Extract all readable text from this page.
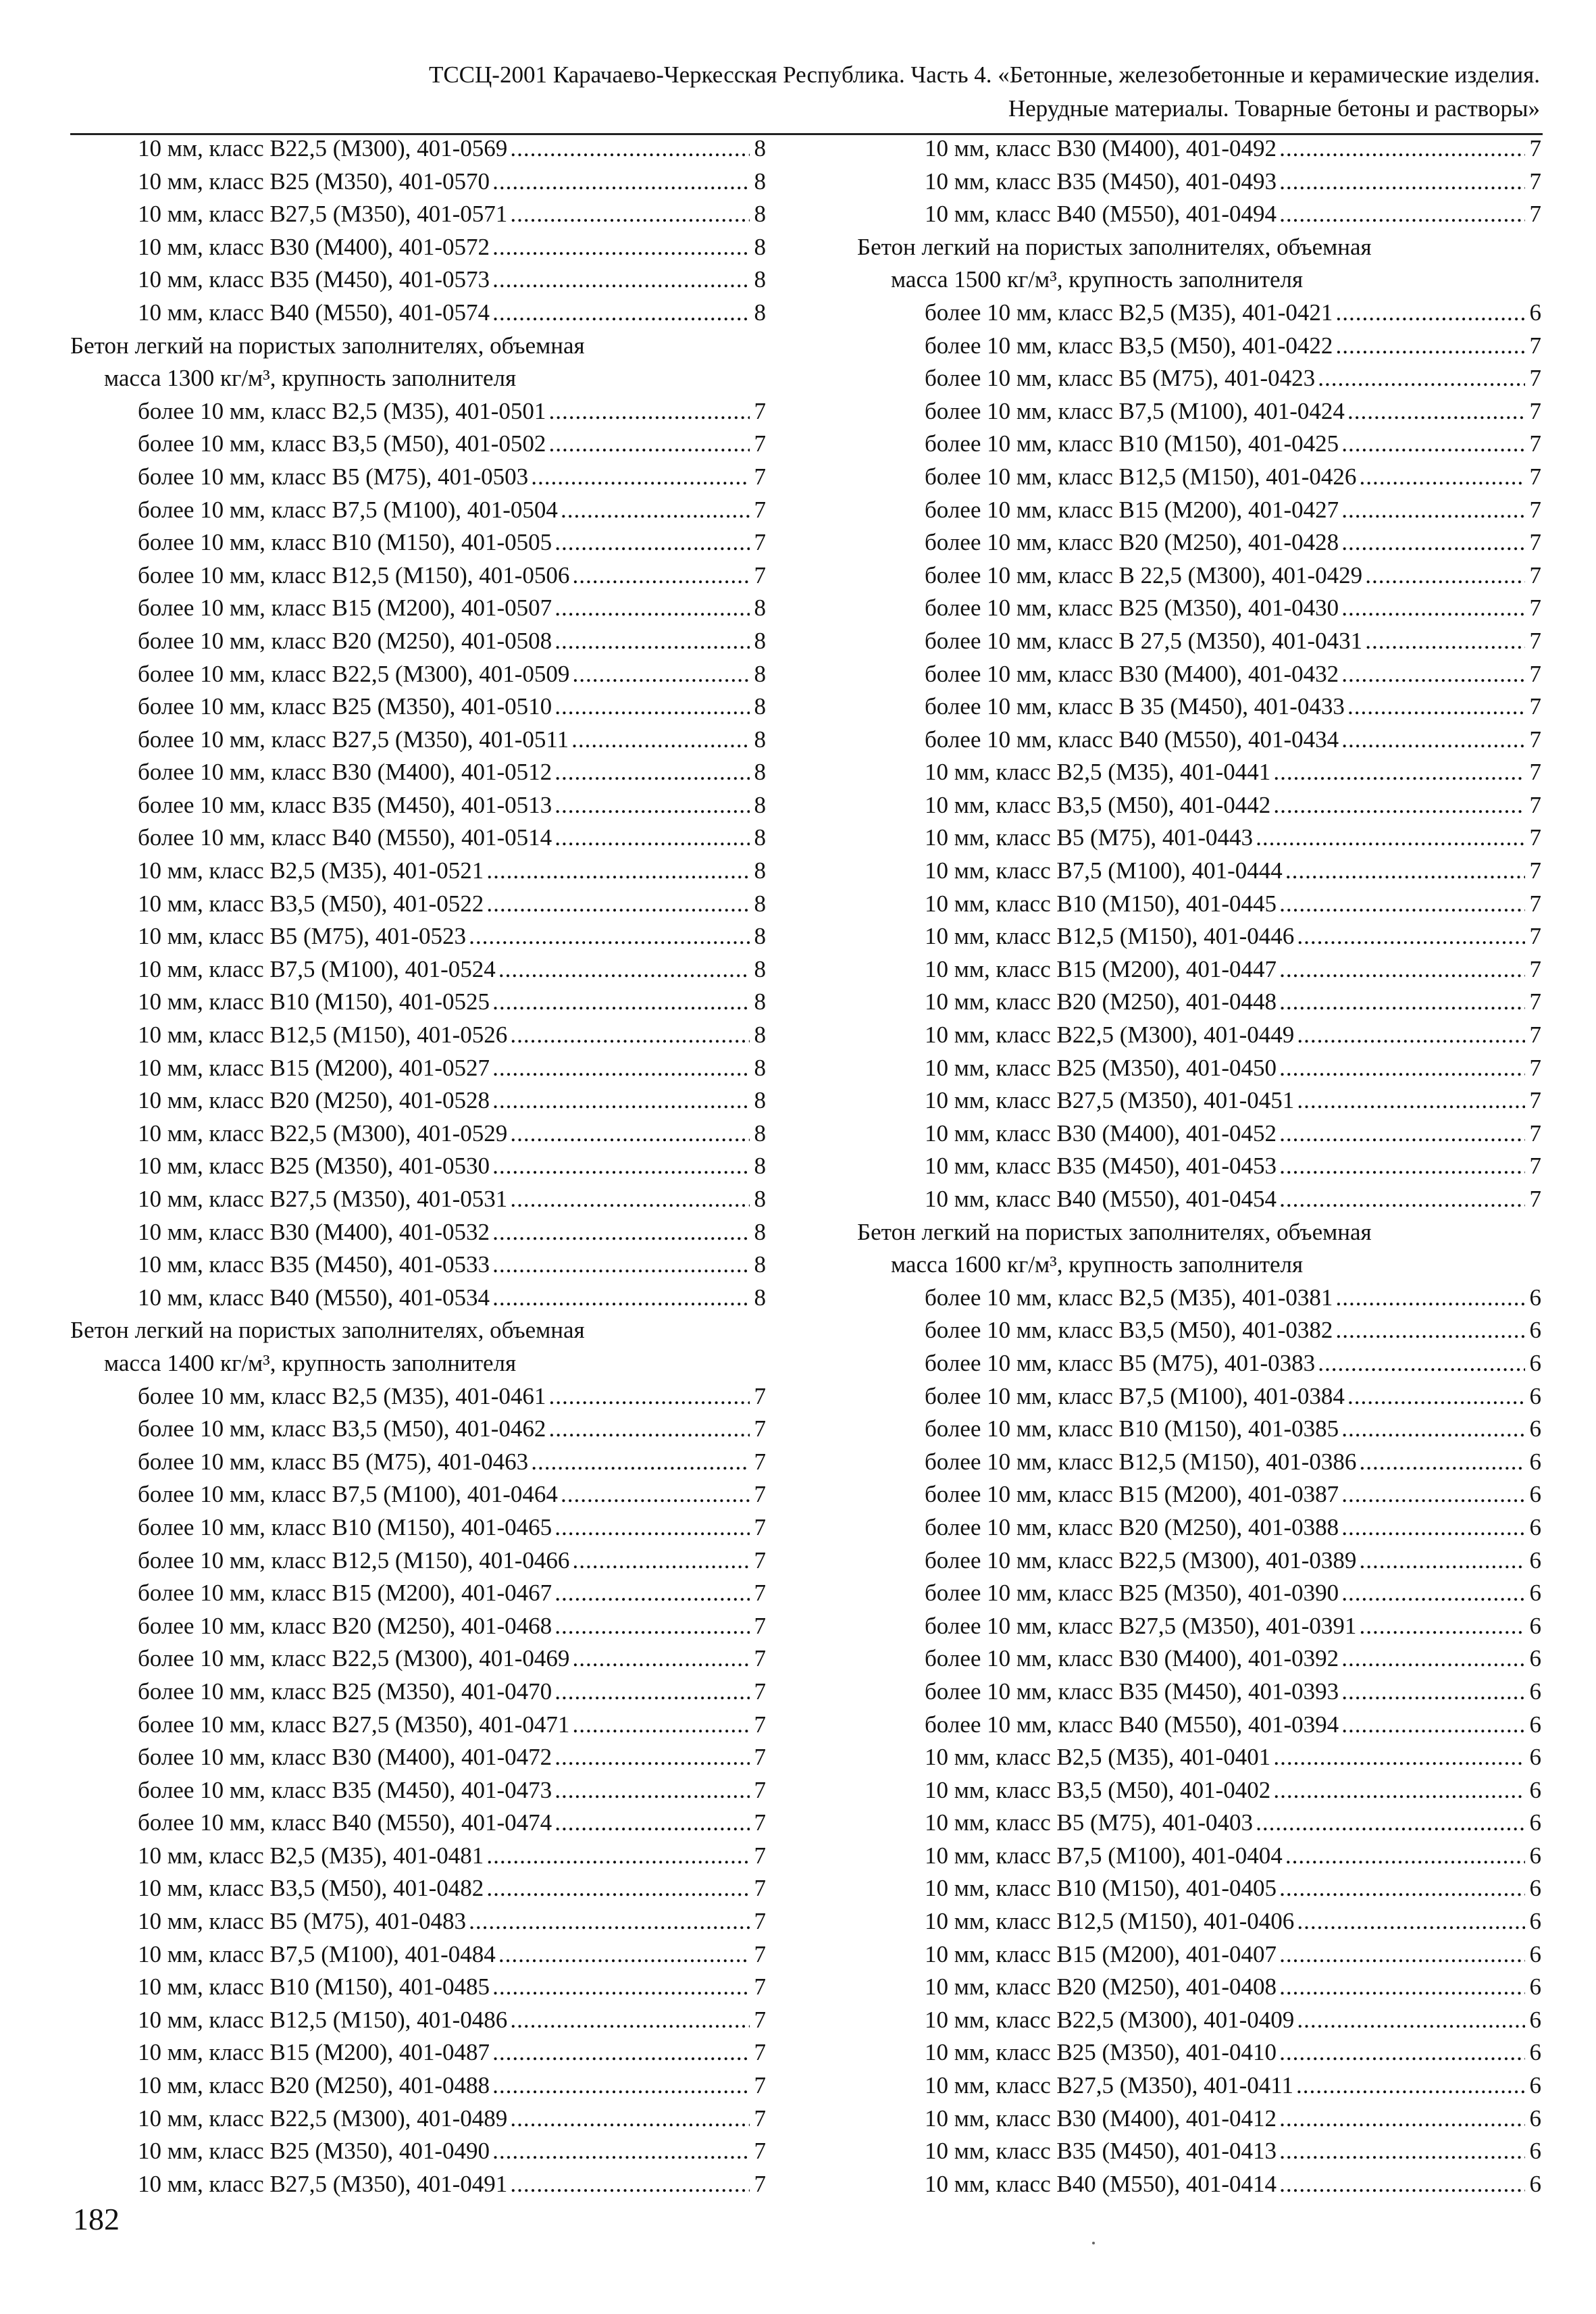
ТССЦ-2001 Карачаево-Черкесская Республика. Часть 4. «Бетонные, железобетонные и керамические изделия.
Нерудные материалы. Товарные бетоны и растворы»
10 мм, класс В22,5 (М300), 401-0569 .....	8
10 мм, класс В25 (М350), 401-0570 .....	8
10 мм, класс В27,5 (М350), 401-0571 .....	8
10 мм, класс В30 (М400), 401-0572 .....	8
10 мм, класс В35 (М450), 401-0573 .....	8
10 мм, класс В40 (М550), 401-0574 .....	8
Бетон легкий на пористых заполнителях, объемная
масса 1300 кг/м³, крупность заполнителя
более 10 мм, класс В2,5 (М35), 401-0501 .....	7
более 10 мм, класс В3,5 (М50), 401-0502 .....	7
более 10 мм, класс В5 (М75), 401-0503 .....	7
более 10 мм, класс В7,5 (М100), 401-0504 .....	7
более 10 мм, класс В10 (М150), 401-0505 .....	7
более 10 мм, класс В12,5 (М150), 401-0506 .....	7
более 10 мм, класс В15 (М200), 401-0507 .....	8
более 10 мм, класс В20 (М250), 401-0508 .....	8
более 10 мм, класс В22,5 (М300), 401-0509 .....	8
более 10 мм, класс В25 (М350), 401-0510 .....	8
более 10 мм, класс В27,5 (М350), 401-0511 .....	8
более 10 мм, класс В30 (М400), 401-0512 .....	8
более 10 мм, класс В35 (М450), 401-0513 .....	8
более 10 мм, класс В40 (М550), 401-0514 .....	8
10 мм, класс В2,5 (М35), 401-0521 .....	8
10 мм, класс В3,5 (М50), 401-0522 .....	8
10 мм, класс В5 (М75), 401-0523 .....	8
10 мм, класс В7,5 (М100), 401-0524 .....	8
10 мм, класс В10 (М150), 401-0525 .....	8
10 мм, класс В12,5 (М150), 401-0526 .....	8
10 мм, класс В15 (М200), 401-0527 .....	8
10 мм, класс В20 (М250), 401-0528 .....	8
10 мм, класс В22,5 (М300), 401-0529 .....	8
10 мм, класс В25 (М350), 401-0530 .....	8
10 мм, класс В27,5 (М350), 401-0531 .....	8
10 мм, класс В30 (М400), 401-0532 .....	8
10 мм, класс В35 (М450), 401-0533 .....	8
10 мм, класс В40 (М550), 401-0534 .....	8
Бетон легкий на пористых заполнителях, объемная
масса 1400 кг/м³, крупность заполнителя
более 10 мм, класс В2,5 (М35), 401-0461 .....	7
более 10 мм, класс В3,5 (М50), 401-0462 .....	7
более 10 мм, класс В5 (М75), 401-0463 .....	7
более 10 мм, класс В7,5 (М100), 401-0464 .....	7
более 10 мм, класс В10 (М150), 401-0465 .....	7
более 10 мм, класс В12,5 (М150), 401-0466 .....	7
более 10 мм, класс В15 (М200), 401-0467 .....	7
более 10 мм, класс В20 (М250), 401-0468 .....	7
более 10 мм, класс В22,5 (М300), 401-0469 .....	7
более 10 мм, класс В25 (М350), 401-0470 .....	7
более 10 мм, класс В27,5 (М350), 401-0471 .....	7
более 10 мм, класс В30 (М400), 401-0472 .....	7
более 10 мм, класс В35 (М450), 401-0473 .....	7
более 10 мм, класс В40 (М550), 401-0474 .....	7
10 мм, класс В2,5 (М35), 401-0481 .....	7
10 мм, класс В3,5 (М50), 401-0482 .....	7
10 мм, класс В5 (М75), 401-0483 .....	7
10 мм, класс В7,5 (М100), 401-0484 .....	7
10 мм, класс В10 (М150), 401-0485 .....	7
10 мм, класс В12,5 (М150), 401-0486 .....	7
10 мм, класс В15 (М200), 401-0487 .....	7
10 мм, класс В20 (М250), 401-0488 .....	7
10 мм, класс В22,5 (М300), 401-0489 .....	7
10 мм, класс В25 (М350), 401-0490 .....	7
10 мм, класс В27,5 (М350), 401-0491 .....	7
10 мм, класс В30 (М400), 401-0492 .....	7
10 мм, класс В35 (М450), 401-0493 .....	7
10 мм, класс В40 (М550), 401-0494 .....	7
Бетон легкий на пористых заполнителях, объемная
масса 1500 кг/м³, крупность заполнителя
более 10 мм, класс В2,5 (М35), 401-0421 .....	6
более 10 мм, класс В3,5 (М50), 401-0422 .....	7
более 10 мм, класс В5 (М75), 401-0423 .....	7
более 10 мм, класс В7,5 (М100), 401-0424 .....	7
более 10 мм, класс В10 (М150), 401-0425 .....	7
более 10 мм, класс В12,5 (М150), 401-0426 .....	7
более 10 мм, класс В15 (М200), 401-0427 .....	7
более 10 мм, класс В20 (М250), 401-0428 .....	7
более 10 мм, класс В 22,5 (М300), 401-0429 .....	7
более 10 мм, класс В25 (М350), 401-0430 .....	7
более 10 мм, класс В 27,5 (М350), 401-0431 .....	7
более 10 мм, класс В30 (М400), 401-0432 .....	7
более 10 мм, класс В 35 (М450), 401-0433 .....	7
более 10 мм, класс В40 (М550), 401-0434 .....	7
10 мм, класс В2,5 (М35), 401-0441 .....	7
10 мм, класс В3,5 (М50), 401-0442 .....	7
10 мм, класс В5 (М75), 401-0443 .....	7
10 мм, класс В7,5 (М100), 401-0444 .....	7
10 мм, класс В10 (М150), 401-0445 .....	7
10 мм, класс В12,5 (М150), 401-0446 .....	7
10 мм, класс В15 (М200), 401-0447 .....	7
10 мм, класс В20 (М250), 401-0448 .....	7
10 мм, класс В22,5 (М300), 401-0449 .....	7
10 мм, класс В25 (М350), 401-0450 .....	7
10 мм, класс В27,5 (М350), 401-0451 .....	7
10 мм, класс В30 (М400), 401-0452 .....	7
10 мм, класс В35 (М450), 401-0453 .....	7
10 мм, класс В40 (М550), 401-0454 .....	7
Бетон легкий на пористых заполнителях, объемная
масса 1600 кг/м³, крупность заполнителя
более 10 мм, класс В2,5 (М35), 401-0381 .....	6
более 10 мм, класс В3,5 (М50), 401-0382 .....	6
более 10 мм, класс В5 (М75), 401-0383 .....	6
более 10 мм, класс В7,5 (М100), 401-0384 .....	6
более 10 мм, класс В10 (М150), 401-0385 .....	6
более 10 мм, класс В12,5 (М150), 401-0386 .....	6
более 10 мм, класс В15 (М200), 401-0387 .....	6
более 10 мм, класс В20 (М250), 401-0388 .....	6
более 10 мм, класс В22,5 (М300), 401-0389 .....	6
более 10 мм, класс В25 (М350), 401-0390 .....	6
более 10 мм, класс В27,5 (М350), 401-0391 .....	6
более 10 мм, класс В30 (М400), 401-0392 .....	6
более 10 мм, класс В35 (М450), 401-0393 .....	6
более 10 мм, класс В40 (М550), 401-0394 .....	6
10 мм, класс В2,5 (М35), 401-0401 .....	6
10 мм, класс В3,5 (М50), 401-0402 .....	6
10 мм, класс В5 (М75), 401-0403 .....	6
10 мм, класс В7,5 (М100), 401-0404 .....	6
10 мм, класс В10 (М150), 401-0405 .....	6
10 мм, класс В12,5 (М150), 401-0406 .....	6
10 мм, класс В15 (М200), 401-0407 .....	6
10 мм, класс В20 (М250), 401-0408 .....	6
10 мм, класс В22,5 (М300), 401-0409 .....	6
10 мм, класс В25 (М350), 401-0410 .....	6
10 мм, класс В27,5 (М350), 401-0411 .....	6
10 мм, класс В30 (М400), 401-0412 .....	6
10 мм, класс В35 (М450), 401-0413 .....	6
10 мм, класс В40 (М550), 401-0414 .....	6
182
